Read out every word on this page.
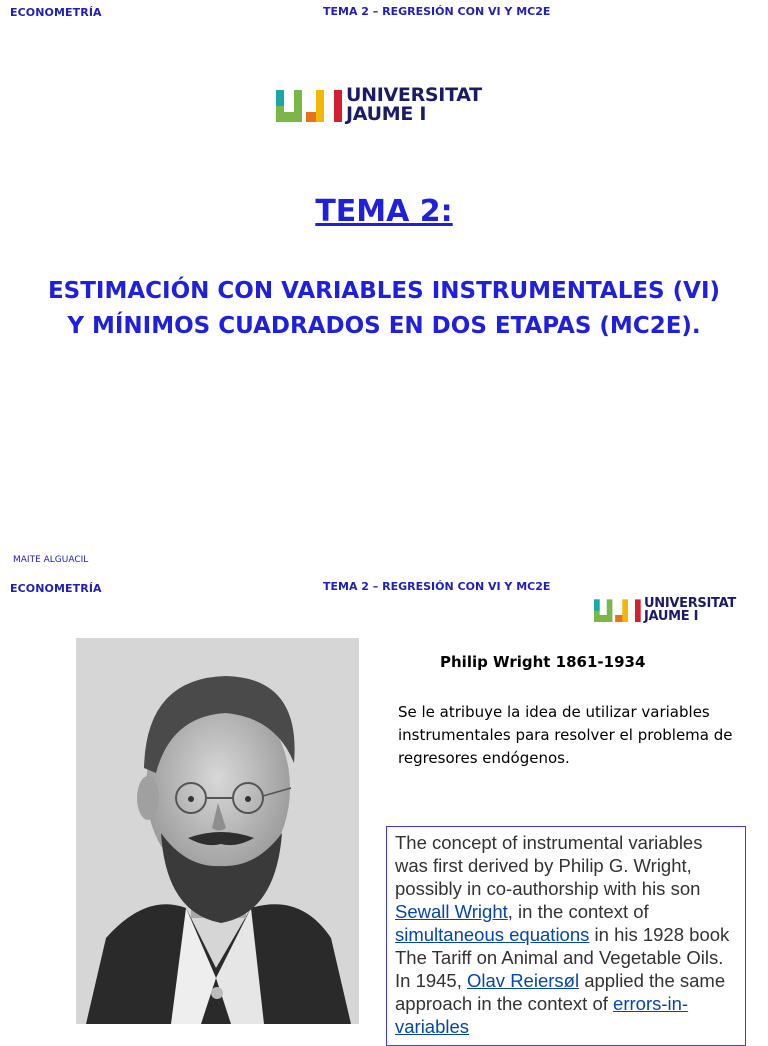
ECONOMETRÍA	TEMA 2 – REGRESIÓN CON VI Y MC2E
UNIVERSITAT
JAUME I
TEMA 2:
ESTIMACIÓN CON VARIABLES INSTRUMENTALES (VI)
Y MÍNIMOS CUADRADOS EN DOS ETAPAS (MC2E).
MAITE ALGUACIL
ECONOMETRÍA	TEMA 2 – REGRESIÓN CON VI Y MC2E
UNIVERSITAT
JAUME I
Philip Wright 1861-1934
Se le atribuye la idea de utilizar variables instrumentales para resolver el problema de regresores endógenos.
The concept of instrumental variables was first derived by Philip G. Wright, possibly in co-authorship with his son Sewall Wright, in the context of simultaneous equations in his 1928 book The Tariff on Animal and Vegetable Oils. In 1945, Olav Reiersøl applied the same approach in the context of errors-in-variables
